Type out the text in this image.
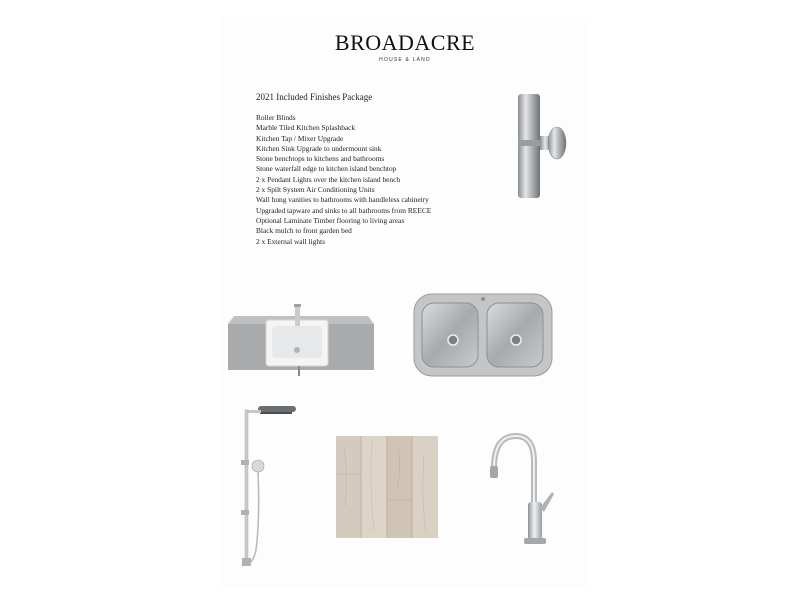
BROADACRE
HOUSE & LAND
2021 Included Finishes Package
Roller Blinds
Marble Tiled Kitchen Splashback
Kitchen Tap / Mixer Upgrade
Kitchen Sink Upgrade to undermount sink
Stone benchtops to kitchens and bathrooms
Stone waterfall edge to kitchen island benchtop
2 x Pendant Lights over the kitchen island bench
2 x Spilt System Air Conditioning Units
Wall hung vanities to bathrooms with handleless cabinetry
Upgraded tapware and sinks to all bathrooms from REECE
Optional Laminate Timber flooring to living areas
Black mulch to front garden bed
2 x External wall lights
